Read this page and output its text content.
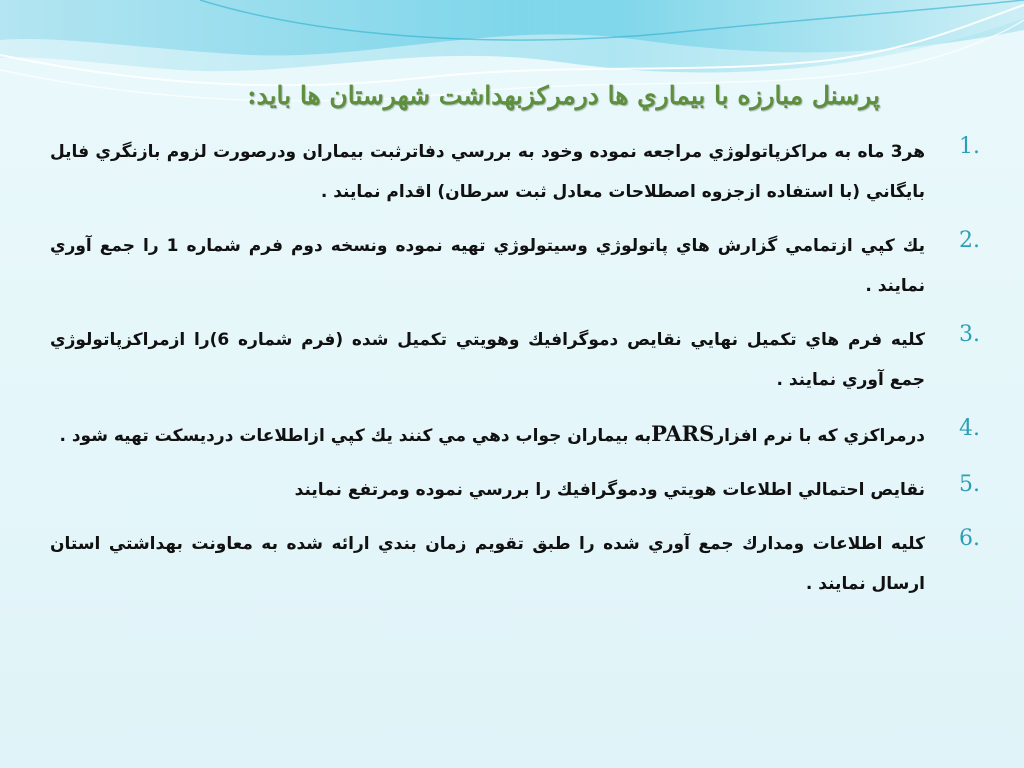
پرسنل مبارزه با بيماري ها درمركزبهداشت شهرستان ها بايد:
1.
هر3 ماه به مراكزپاتولوژي مراجعه نموده وخود به بررسي دفاترثبت بيماران ودرصورت لزوم بازنگري فايل بايگاني (با استفاده ازجزوه اصطلاحات معادل ثبت سرطان) اقدام نمايند .
2.
يك كپي ازتمامي گزارش هاي پاتولوژي وسيتولوژي تهيه نموده ونسخه دوم فرم شماره 1 را جمع آوري نمايند .
3.
كليه فرم هاي تكميل نهايي نقايص دموگرافيك وهويتي تكميل شده (فرم شماره 6)را ازمراكزپاتولوژي جمع آوري نمايند .
4.
درمراكزي كه با نرم افزارPARSبه بيماران جواب دهي مي كنند يك كپي ازاطلاعات درديسكت تهيه شود .
5.
نقايص احتمالي اطلاعات هويتي ودموگرافيك را بررسي نموده ومرتفع نمايند
6.
كليه اطلاعات ومدارك جمع آوري شده را طبق تقويم زمان بندي ارائه شده به معاونت بهداشتي استان ارسال نمايند .
